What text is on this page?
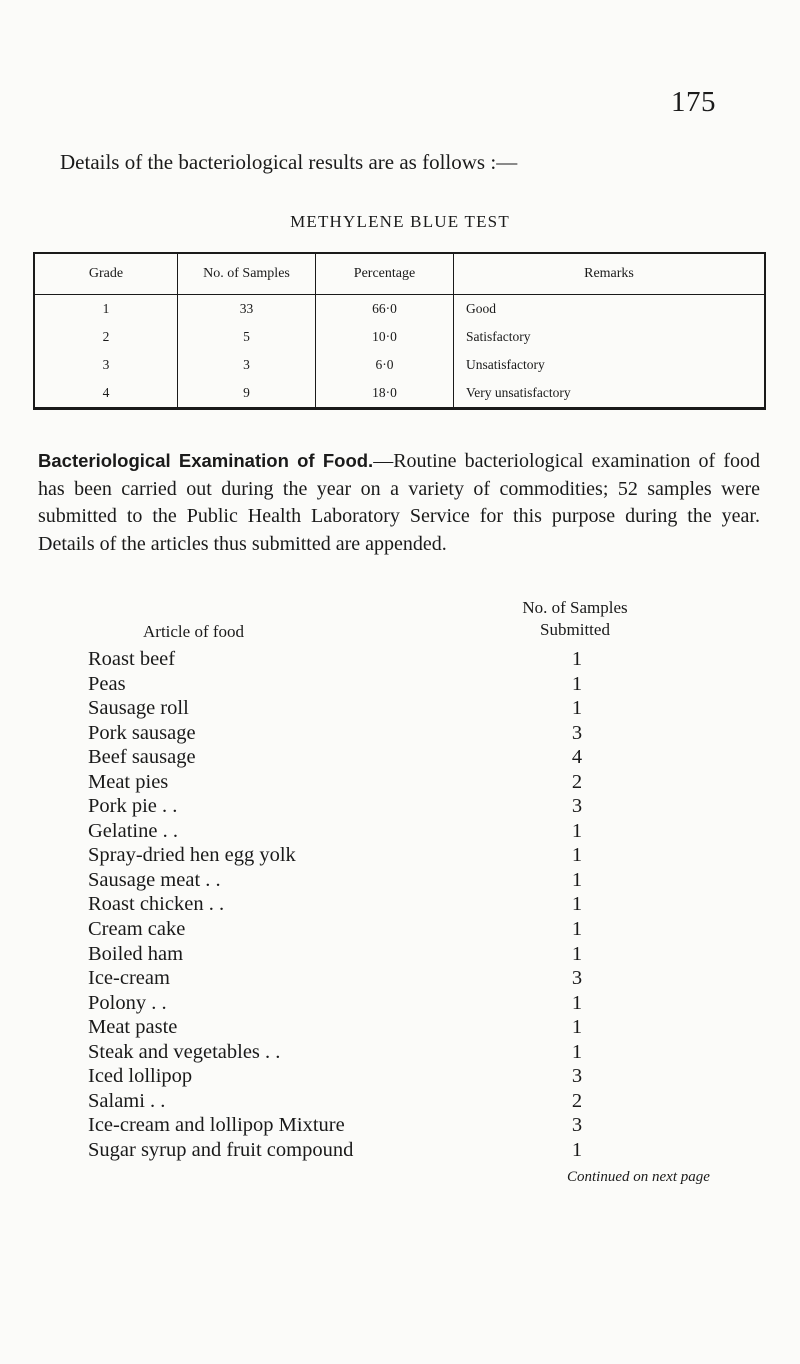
175
Details of the bacteriological results are as follows :—
METHYLENE BLUE TEST
Grade	No. of Samples	Percentage	Remarks
1	33	66·0	Good
2	5	10·0	Satisfactory
3	3	6·0	Unsatisfactory
4	9	18·0	Very unsatisfactory

Bacteriological Examination of Food.—Routine bacteriological examination of food has been carried out during the year on a variety of commodities; 52 samples were submitted to the Public Health Laboratory Service for this purpose during the year. Details of the articles thus submitted are appended.

Article of food
No. of Samples
Submitted
Roast beef	1
Peas	1
Sausage roll	1
Pork sausage	3
Beef sausage	4
Meat pies	2
Pork pie . .	3
Gelatine . .	1
Spray-dried hen egg yolk	1
Sausage meat . .	1
Roast chicken . .	1
Cream cake	1
Boiled ham	1
Ice-cream	3
Polony . .	1
Meat paste	1
Steak and vegetables . .	1
Iced lollipop	3
Salami . .	2
Ice-cream and lollipop Mixture	3
Sugar syrup and fruit compound	1
Continued on next page
